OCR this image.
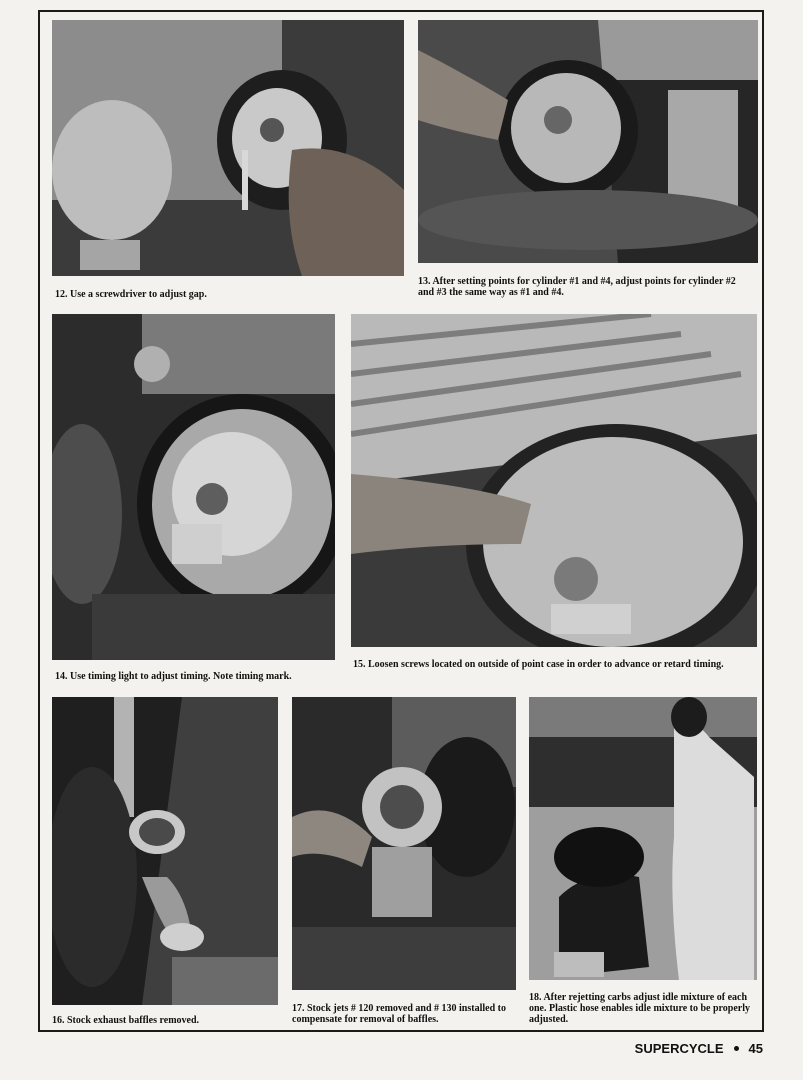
12. Use a screwdriver to adjust gap.
13. After setting points for cylinder #1 and #4, adjust points for cylinder #2 and #3 the same way as #1 and #4.
14. Use timing light to adjust timing. Note timing mark.
15. Loosen screws located on outside of point case in order to advance or retard timing.
16. Stock exhaust baffles removed.
17. Stock jets # 120 removed and # 130 installed to compensate for removal of baffles.
18. After rejetting carbs adjust idle mixture of each one. Plastic hose enables idle mixture to be properly adjusted.
SUPERCYCLE 45
